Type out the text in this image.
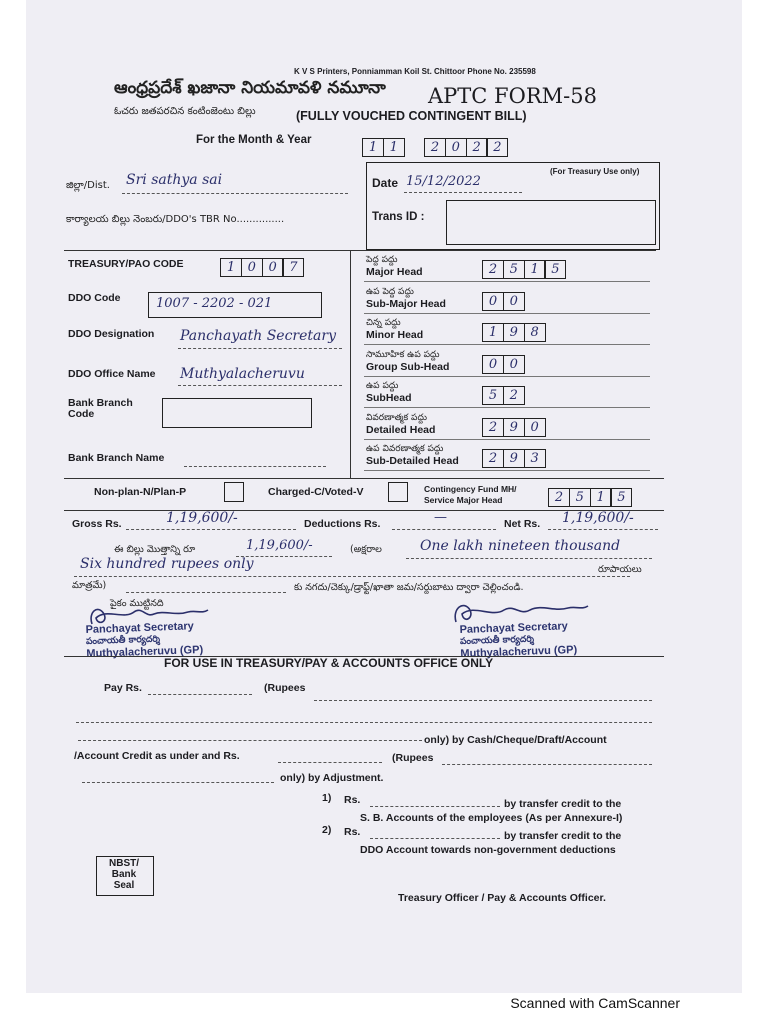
K V S Printers, Ponniamman Koil St. Chittoor Phone No. 235598
ఆంధ్రప్రదేశ్ ఖజానా నియమావళి నమూనా APTC FORM-58
ఓచరు జతపరచిన కంటింజెంటు బిల్లు	(FULLY VOUCHED CONTINGENT BILL)
For the Month & Year	1 1	2 0 2 2
జిల్లా/Dist. Sri sathya sai
కార్యాలయ బిల్లు నెంబరు/DDO's TBR No...............
(For Treasury Use only)
Date 15/12/2022
Trans ID :
TREASURY/PAO CODE	1 0 0 7
DDO Code	1007 - 2202 - 021
DDO Designation Panchayath Secretary
DDO Office Name Muthyalacheruvu
Bank Branch Code
Bank Branch Name
Non-plan-N/Plan-P	Charged-C/Voted-V	Contingency Fund MH/
Service Major Head	2 5 1 5
Gross Rs.	1,19,600/-	Deductions Rs.	—	Net Rs. 1,19,600/-
ఈ బిల్లు మొత్తాన్ని రూ	1,19,600/-	(అక్షరాల	One lakh nineteen thousand
Six hundred rupees only	రూపాయలు
మాత్రమే)	కు నగదు/చెక్కు/డ్రాఫ్ట్/ఖాతా జమ/సర్దుబాటు ద్వారా చెల్లించండి.
పైకం ముట్టినది
Panchayat Secretary
పంచాయతీ కార్యదర్శి
Muthyalacheruvu (GP)
Panchayat Secretary
పంచాయతీ కార్యదర్శి
Muthyalacheruvu (GP)
FOR USE IN TREASURY/PAY & ACCOUNTS OFFICE ONLY
Pay Rs.	(Rupees
only) by Cash/Cheque/Draft/Account
/Account Credit as under and Rs.	(Rupees
only) by Adjustment.
1) Rs.	by transfer credit to the
S. B. Accounts of the employees (As per Annexure-I)
2) Rs.	by transfer credit to the
DDO Account towards non-government deductions
NBST/
Bank
Seal
Treasury Officer / Pay & Accounts Officer.
పెద్ద పద్దు
Major Head	2 5 1 5
ఉప పెద్ద పద్దు
Sub-Major Head	0 0
చిన్న పద్దు
Minor Head	1 9 8
సామూహిక ఉప పద్దు
Group Sub-Head	0 0
ఉప పద్దు
SubHead	5 2
వివరణాత్మక పద్దు
Detailed Head	2 9 0
ఉప వివరణాత్మక పద్దు
Sub-Detailed Head	2 9 3
Scanned with CamScanner
